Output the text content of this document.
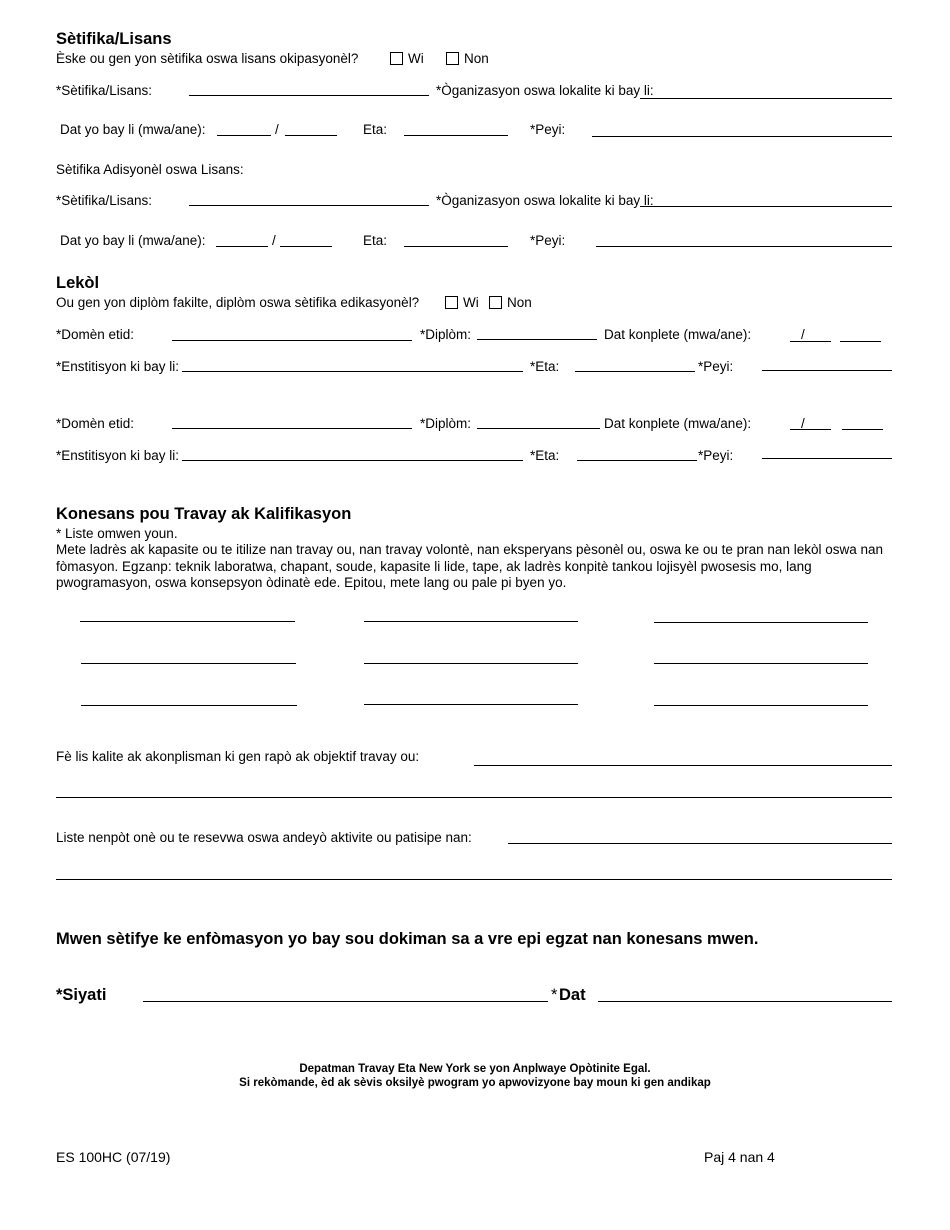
Sètifika/Lisans
Èske ou gen yon sètifika oswa lisans okipasyonèl?	Wi	Non
*Sètifika/Lisans:	*Òganizasyon oswa lokalite ki bay li:
Dat yo bay li (mwa/ane):	/	Eta:	*Peyi:
Sètifika Adisyonèl oswa Lisans:
*Sètifika/Lisans:	*Òganizasyon oswa lokalite ki bay li:
Dat yo bay li (mwa/ane):	/	Eta:	*Peyi:
Lekòl
Ou gen yon diplòm fakilte, diplòm oswa sètifika edikasyonèl?	Wi Non
*Domèn etid:	*Diplòm:	Dat konplete (mwa/ane):	/
*Enstitisyon ki bay li:	*Eta:	*Peyi:
*Domèn etid:	*Diplòm:	Dat konplete (mwa/ane):	/
*Enstitisyon ki bay li:	*Eta:	*Peyi:
Konesans pou Travay ak Kalifikasyon
* Liste omwen youn.
Mete ladrès ak kapasite ou te itilize nan travay ou, nan travay volontè, nan eksperyans pèsonèl ou, oswa ke ou te pran nan lekòl oswa nan fòmasyon. Egzanp: teknik laboratwa, chapant, soude, kapasite li lide, tape, ak ladrès konpitè tankou lojisyèl pwosesis mo, lang pwogramasyon, oswa konsepsyon òdinatè ede. Epitou, mete lang ou pale pi byen yo.
Fè lis kalite ak akonplisman ki gen rapò ak objektif travay ou:
Liste nenpòt onè ou te resevwa oswa andeyò aktivite ou patisipe nan:
Mwen sètifye ke enfòmasyon yo bay sou dokiman sa a vre epi egzat nan konesans mwen.
*Siyati	* Dat
Depatman Travay Eta New York se yon Anplwaye Opòtinite Egal.
Si rekòmande, èd ak sèvis oksilyè pwogram yo apwovizyone bay moun ki gen andikap
ES 100HC (07/19)	Paj 4 nan 4
